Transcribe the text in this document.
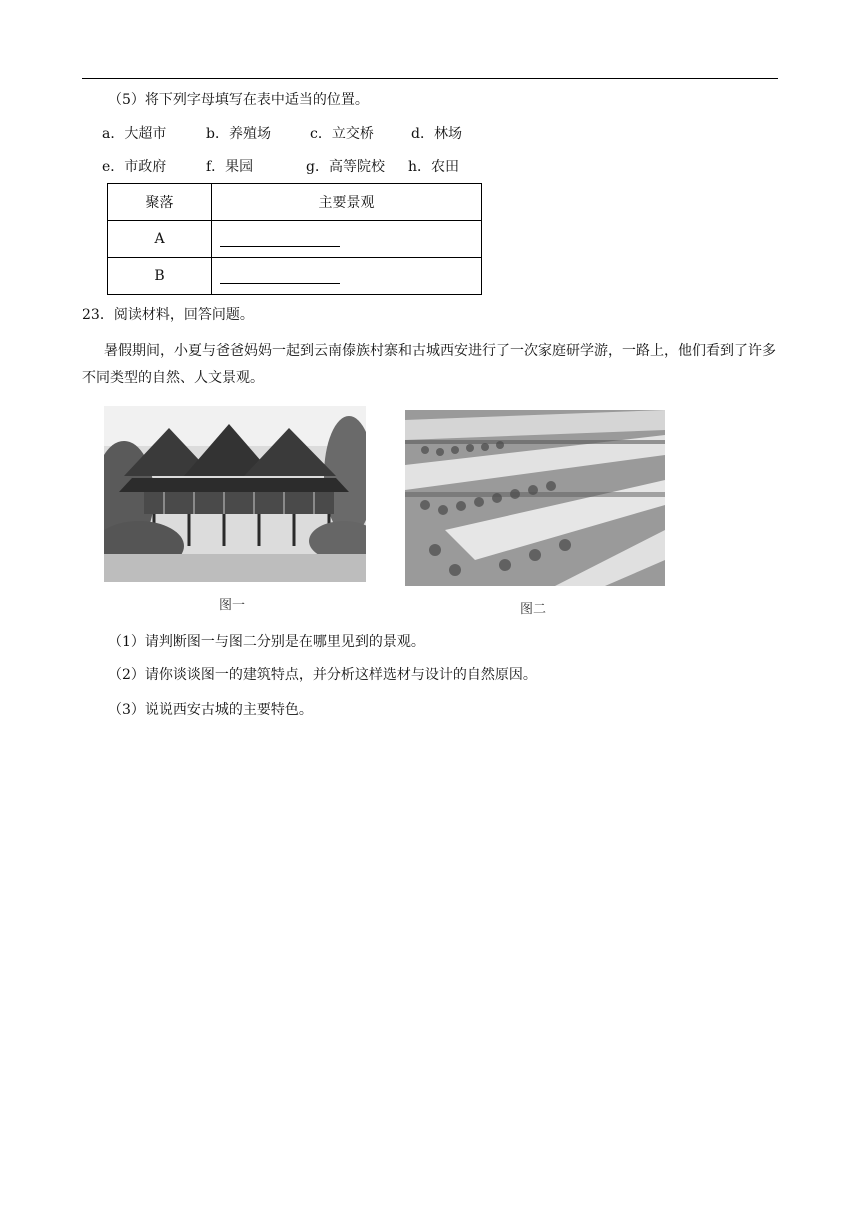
（5）将下列字母填写在表中适当的位置。
a．大超市	b．养殖场	c．立交桥	d．林场
e．市政府	f．果园	g．高等院校 h．农田
聚落	主要景观
A	

B	
23．阅读材料，回答问题。
暑假期间，小夏与爸爸妈妈一起到云南傣族村寨和古城西安进行了一次家庭研学游，一路上，他们看到了许多不同类型的自然、人文景观。
图一	图二
（1）请判断图一与图二分别是在哪里见到的景观。
（2）请你谈谈图一的建筑特点，并分析这样选材与设计的自然原因。
（3）说说西安古城的主要特色。
